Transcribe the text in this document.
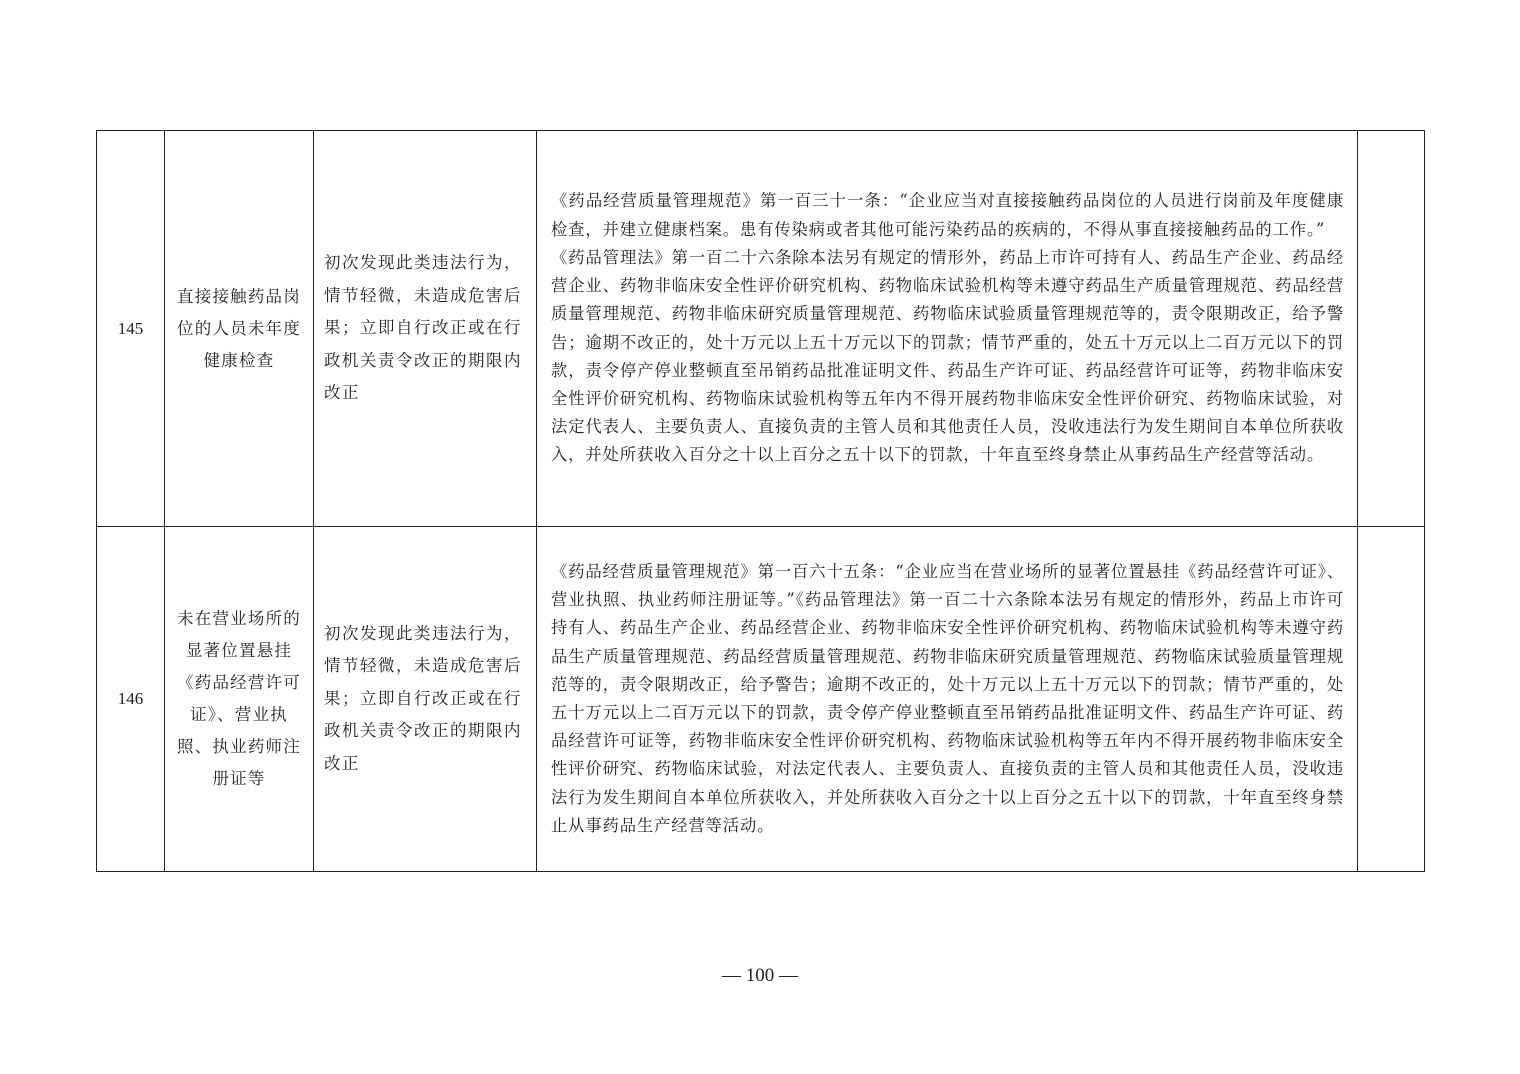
145	直接接触药品岗位的人员未年度健康检查	初次发现此类违法行为，情节轻微，未造成危害后果；立即自行改正或在行政机关责令改正的期限内改正	《药品经营质量管理规范》第一百三十一条：“企业应当对直接接触药品岗位的人员进行岗前及年度健康检查，并建立健康档案。患有传染病或者其他可能污染药品的疾病的，不得从事直接接触药品的工作。”

《药品管理法》第一百二十六条除本法另有规定的情形外，药品上市许可持有人、药品生产企业、药品经营企业、药物非临床安全性评价研究机构、药物临床试验机构等未遵守药品生产质量管理规范、药品经营质量管理规范、药物非临床研究质量管理规范、药物临床试验质量管理规范等的，责令限期改正，给予警告；逾期不改正的，处十万元以上五十万元以下的罚款；情节严重的，处五十万元以上二百万元以下的罚款，责令停产停业整顿直至吊销药品批准证明文件、药品生产许可证、药品经营许可证等，药物非临床安全性评价研究机构、药物临床试验机构等五年内不得开展药物非临床安全性评价研究、药物临床试验，对法定代表人、主要负责人、直接负责的主管人员和其他责任人员，没收违法行为发生期间自本单位所获收入，并处所获收入百分之十以上百分之五十以下的罚款，十年直至终身禁止从事药品生产经营等活动。	

146	未在营业场所的显著位置悬挂《药品经营许可证》、营业执照、执业药师注册证等	初次发现此类违法行为，情节轻微，未造成危害后果；立即自行改正或在行政机关责令改正的期限内改正	《药品经营质量管理规范》第一百六十五条：“企业应当在营业场所的显著位置悬挂《药品经营许可证》、营业执照、执业药师注册证等。”《药品管理法》第一百二十六条除本法另有规定的情形外，药品上市许可持有人、药品生产企业、药品经营企业、药物非临床安全性评价研究机构、药物临床试验机构等未遵守药品生产质量管理规范、药品经营质量管理规范、药物非临床研究质量管理规范、药物临床试验质量管理规范等的，责令限期改正，给予警告；逾期不改正的，处十万元以上五十万元以下的罚款；情节严重的，处五十万元以上二百万元以下的罚款，责令停产停业整顿直至吊销药品批准证明文件、药品生产许可证、药品经营许可证等，药物非临床安全性评价研究机构、药物临床试验机构等五年内不得开展药物非临床安全性评价研究、药物临床试验，对法定代表人、主要负责人、直接负责的主管人员和其他责任人员，没收违法行为发生期间自本单位所获收入，并处所获收入百分之十以上百分之五十以下的罚款，十年直至终身禁止从事药品生产经营等活动。	

— 100 —
